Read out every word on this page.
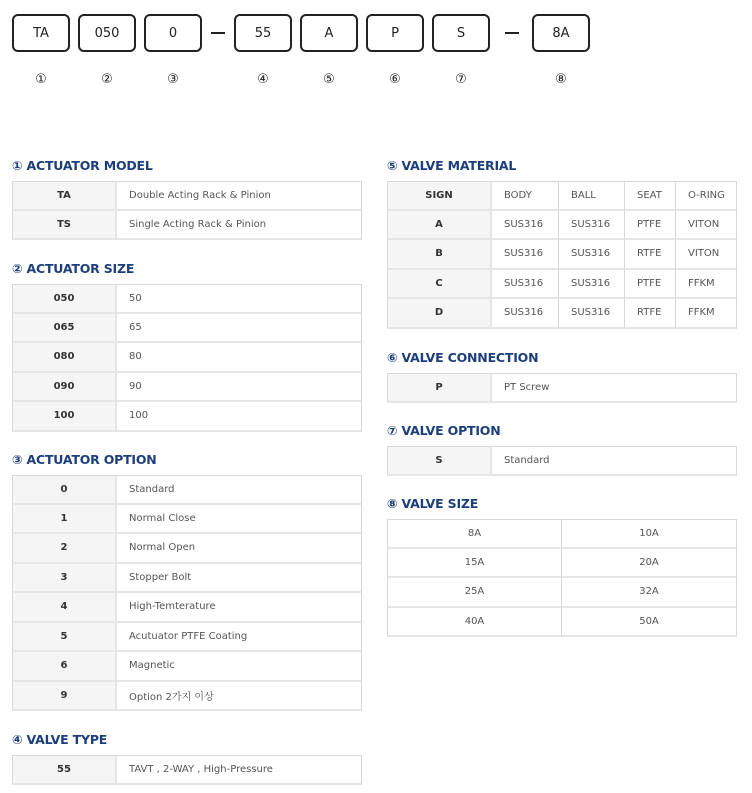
TA	050	0	55	A	P	S	8A
①	②	③	④	⑤	⑥	⑦	⑧
① ACTUATOR MODEL
TA	Double Acting Rack & Pinion
TS	Single Acting Rack & Pinion
② ACTUATOR SIZE
050	50
065	65
080	80
090	90
100	100
③ ACTUATOR OPTION
0	Standard
1	Normal Close
2	Normal Open
3	Stopper Bolt
4	High-Temterature
5	Acutuator PTFE Coating
6	Magnetic
9	Option 2가지 이상
④ VALVE TYPE
55	TAVT , 2-WAY , High-Pressure
⑤ VALVE MATERIAL
SIGN	BODY	BALL	SEAT	O-RING
A	SUS316	SUS316	PTFE	VITON
B	SUS316	SUS316	RTFE	VITON
C	SUS316	SUS316	PTFE	FFKM
D	SUS316	SUS316	RTFE	FFKM
⑥ VALVE CONNECTION
P	PT Screw
⑦ VALVE OPTION
S	Standard
⑧ VALVE SIZE
8A	10A
15A	20A
25A	32A
40A	50A
